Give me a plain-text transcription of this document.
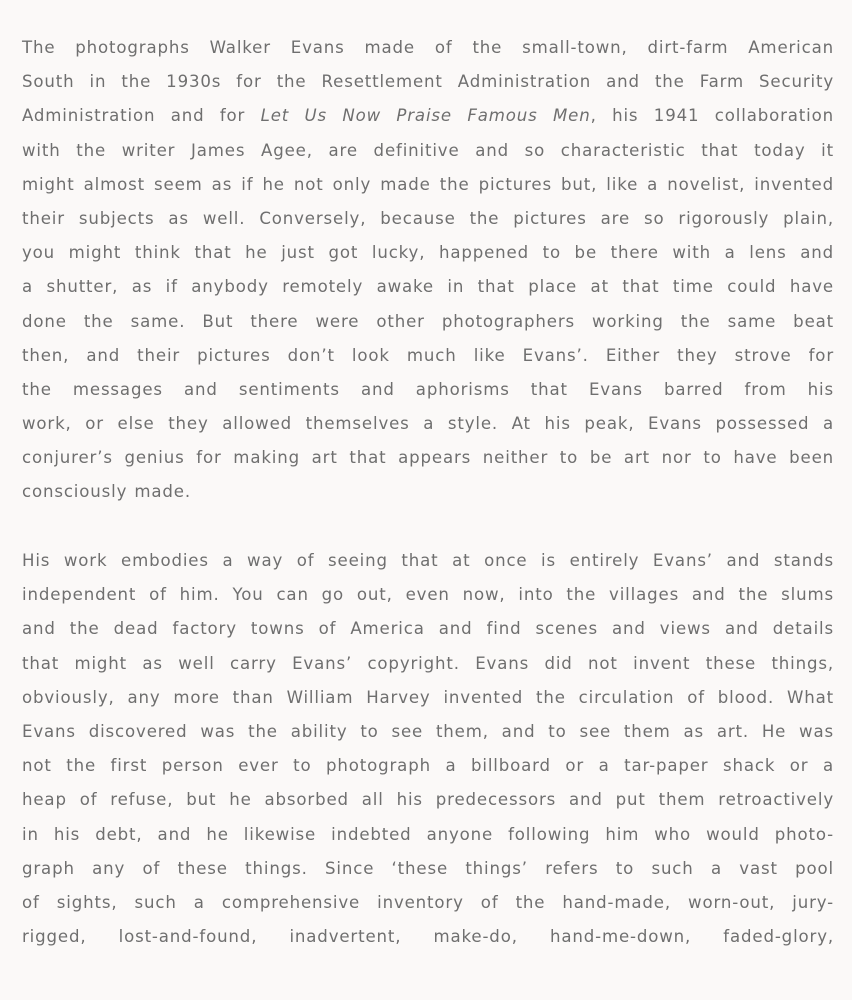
The photographs Walker Evans made of the small-town, dirt-farm American
South in the 1930s for the Resettlement Administration and the Farm Security
Administration and for Let Us Now Praise Famous Men, his 1941 collaboration
with the writer James Agee, are definitive and so characteristic that today it
might almost seem as if he not only made the pictures but, like a novelist, invented
their subjects as well. Conversely, because the pictures are so rigorously plain,
you might think that he just got lucky, happened to be there with a lens and
a shutter, as if anybody remotely awake in that place at that time could have
done the same. But there were other photographers working the same beat
then, and their pictures don’t look much like Evans’. Either they strove for
the messages and sentiments and aphorisms that Evans barred from his
work, or else they allowed themselves a style. At his peak, Evans possessed a
conjurer’s genius for making art that appears neither to be art nor to have been
consciously made.
His work embodies a way of seeing that at once is entirely Evans’ and stands
independent of him. You can go out, even now, into the villages and the slums
and the dead factory towns of America and find scenes and views and details
that might as well carry Evans’ copyright. Evans did not invent these things,
obviously, any more than William Harvey invented the circulation of blood. What
Evans discovered was the ability to see them, and to see them as art. He was
not the first person ever to photograph a billboard or a tar-paper shack or a
heap of refuse, but he absorbed all his predecessors and put them retroactively
in his debt, and he likewise indebted anyone following him who would photo-
graph any of these things. Since ‘these things’ refers to such a vast pool
of sights, such a comprehensive inventory of the hand-made, worn-out, jury-
rigged, lost-and-found, inadvertent, make-do, hand-me-down, faded-glory,
